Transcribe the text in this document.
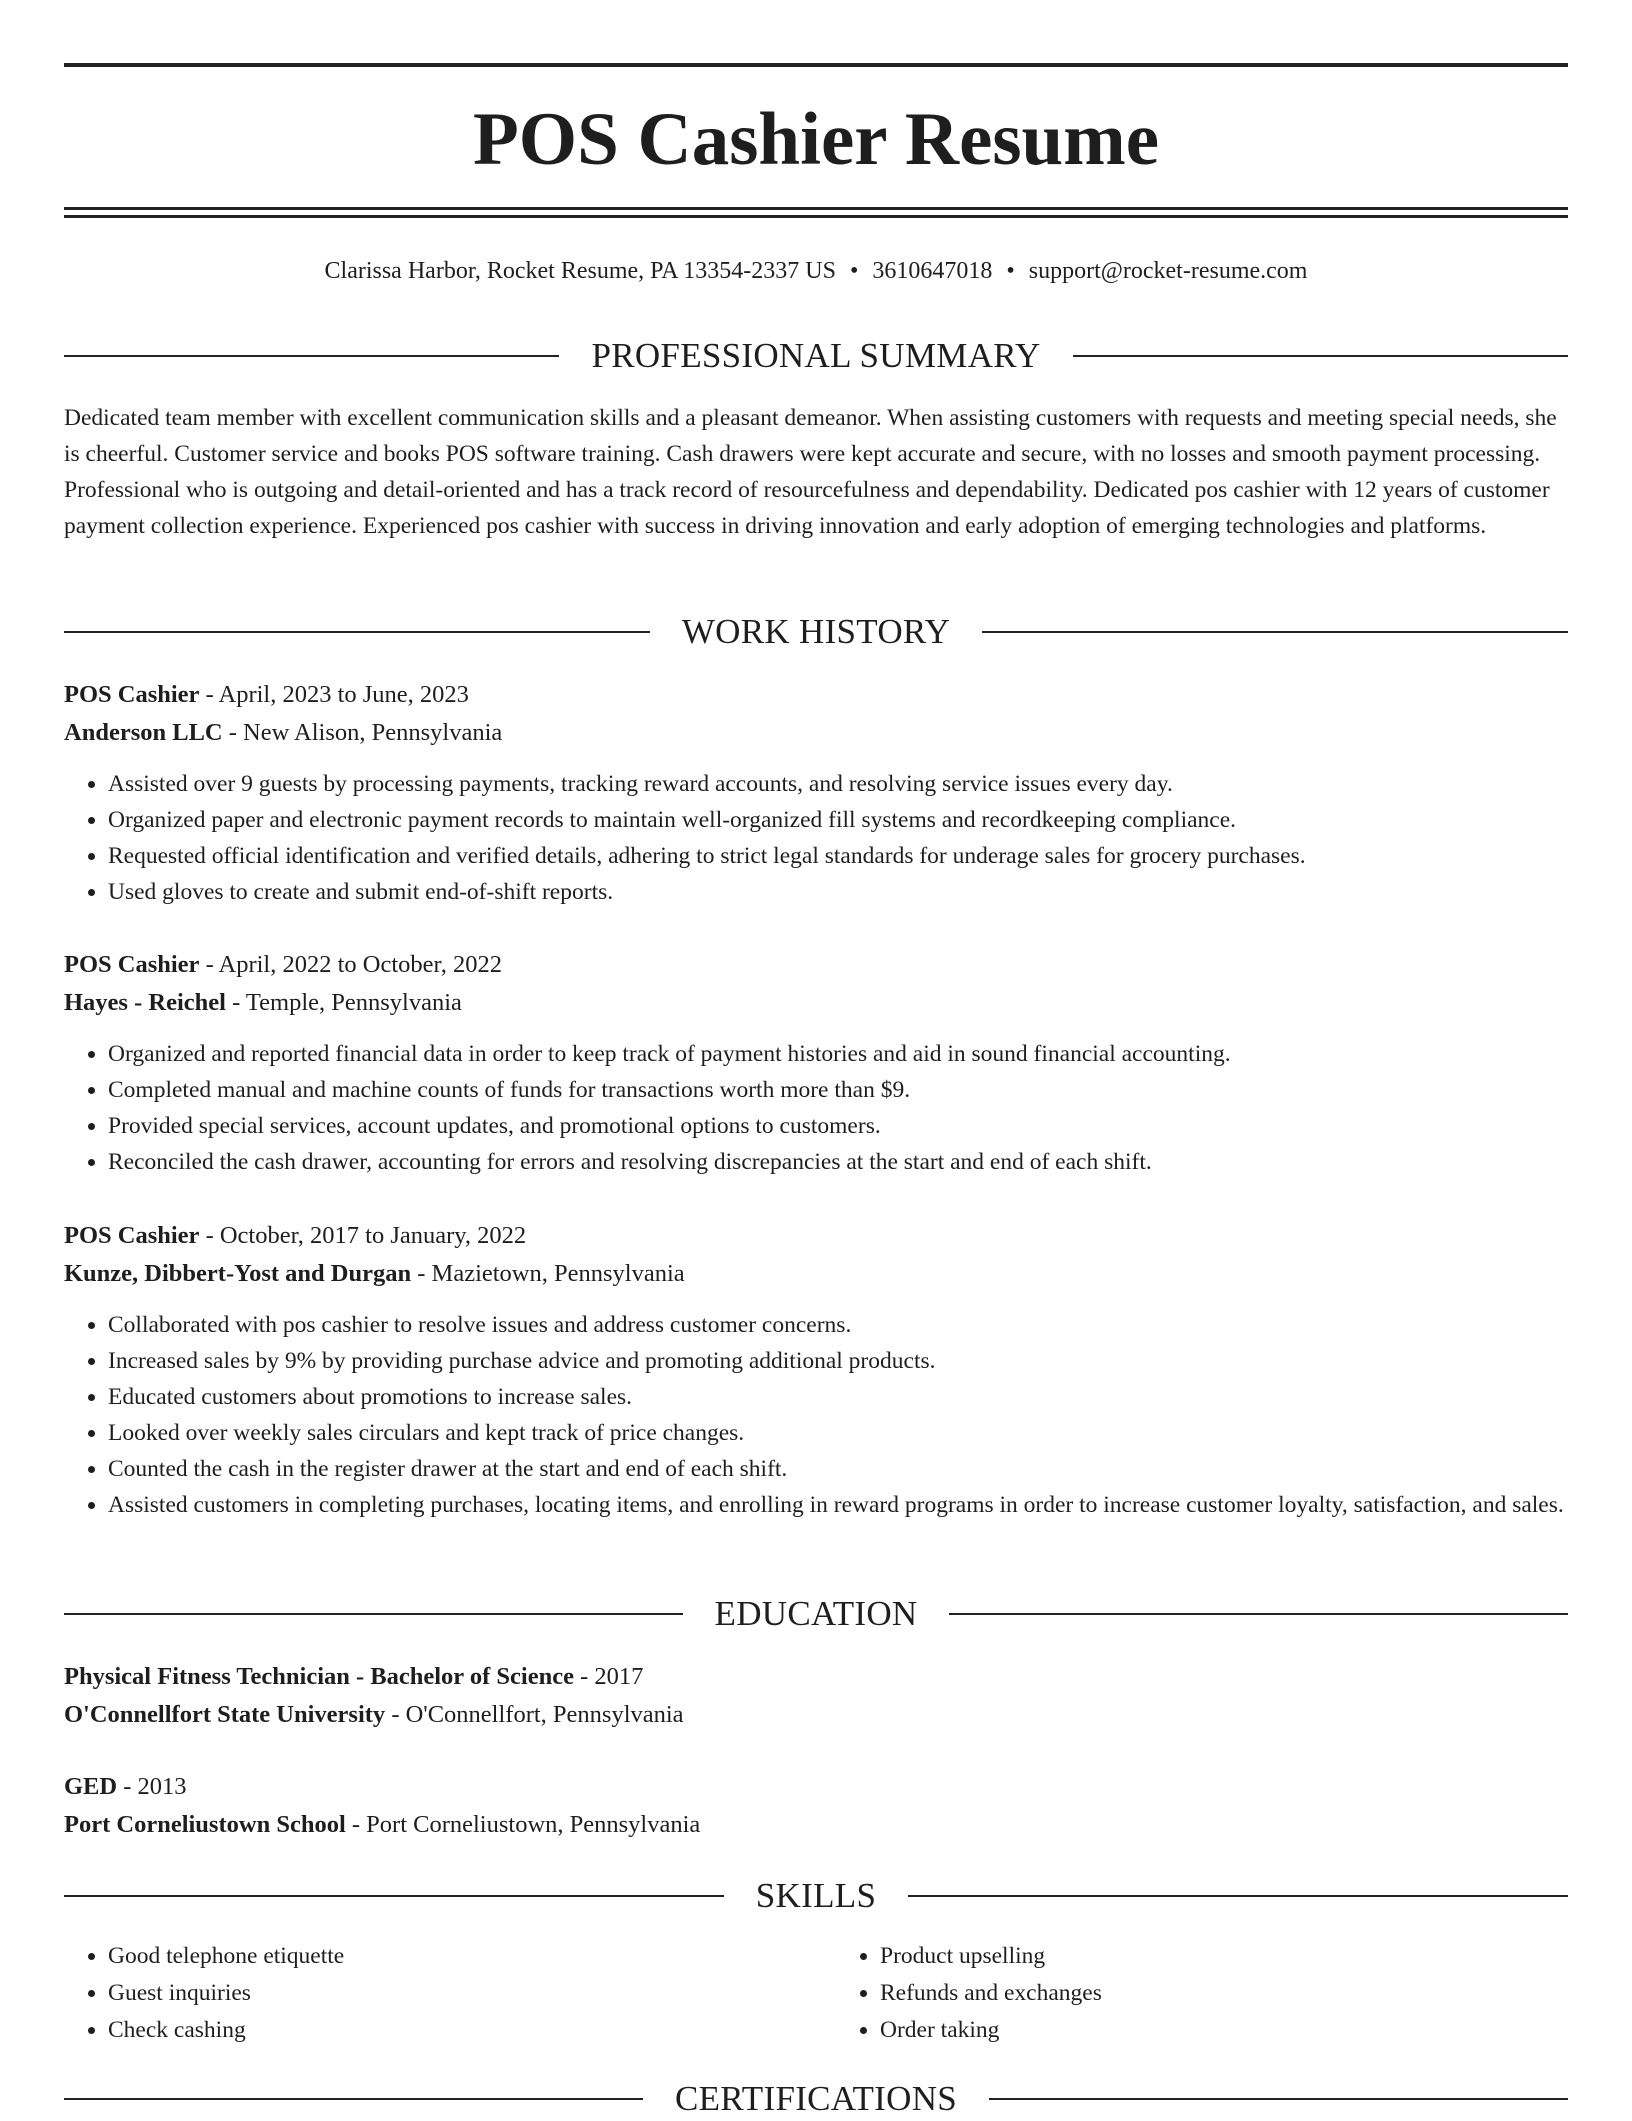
POS Cashier Resume
Clarissa Harbor, Rocket Resume, PA 13354-2337 US • 3610647018 • support@rocket-resume.com
PROFESSIONAL SUMMARY

Dedicated team member with excellent communication skills and a pleasant demeanor. When assisting customers with requests and meeting special needs, she is cheerful. Customer service and books POS software training. Cash drawers were kept accurate and secure, with no losses and smooth payment processing. Professional who is outgoing and detail-oriented and has a track record of resourcefulness and dependability. Dedicated pos cashier with 12 years of customer payment collection experience. Experienced pos cashier with success in driving innovation and early adoption of emerging technologies and platforms.

WORK HISTORY
POS Cashier - April, 2023 to June, 2023
Anderson LLC - New Alison, Pennsylvania
• Assisted over 9 guests by processing payments, tracking reward accounts, and resolving service issues every day.
• Organized paper and electronic payment records to maintain well-organized fill systems and recordkeeping compliance.
• Requested official identification and verified details, adhering to strict legal standards for underage sales for grocery purchases.
• Used gloves to create and submit end-of-shift reports.
POS Cashier - April, 2022 to October, 2022
Hayes - Reichel - Temple, Pennsylvania
• Organized and reported financial data in order to keep track of payment histories and aid in sound financial accounting.
• Completed manual and machine counts of funds for transactions worth more than $9.
• Provided special services, account updates, and promotional options to customers.
• Reconciled the cash drawer, accounting for errors and resolving discrepancies at the start and end of each shift.
POS Cashier - October, 2017 to January, 2022
Kunze, Dibbert-Yost and Durgan - Mazietown, Pennsylvania
• Collaborated with pos cashier to resolve issues and address customer concerns.
• Increased sales by 9% by providing purchase advice and promoting additional products.
• Educated customers about promotions to increase sales.
• Looked over weekly sales circulars and kept track of price changes.
• Counted the cash in the register drawer at the start and end of each shift.
• Assisted customers in completing purchases, locating items, and enrolling in reward programs in order to increase customer loyalty, satisfaction, and sales.
EDUCATION
Physical Fitness Technician - Bachelor of Science - 2017
O'Connellfort State University - O'Connellfort, Pennsylvania
GED - 2013
Port Corneliustown School - Port Corneliustown, Pennsylvania
SKILLS
• Good telephone etiquette
• Guest inquiries
• Check cashing
• Product upselling
• Refunds and exchanges
• Order taking
CERTIFICATIONS
